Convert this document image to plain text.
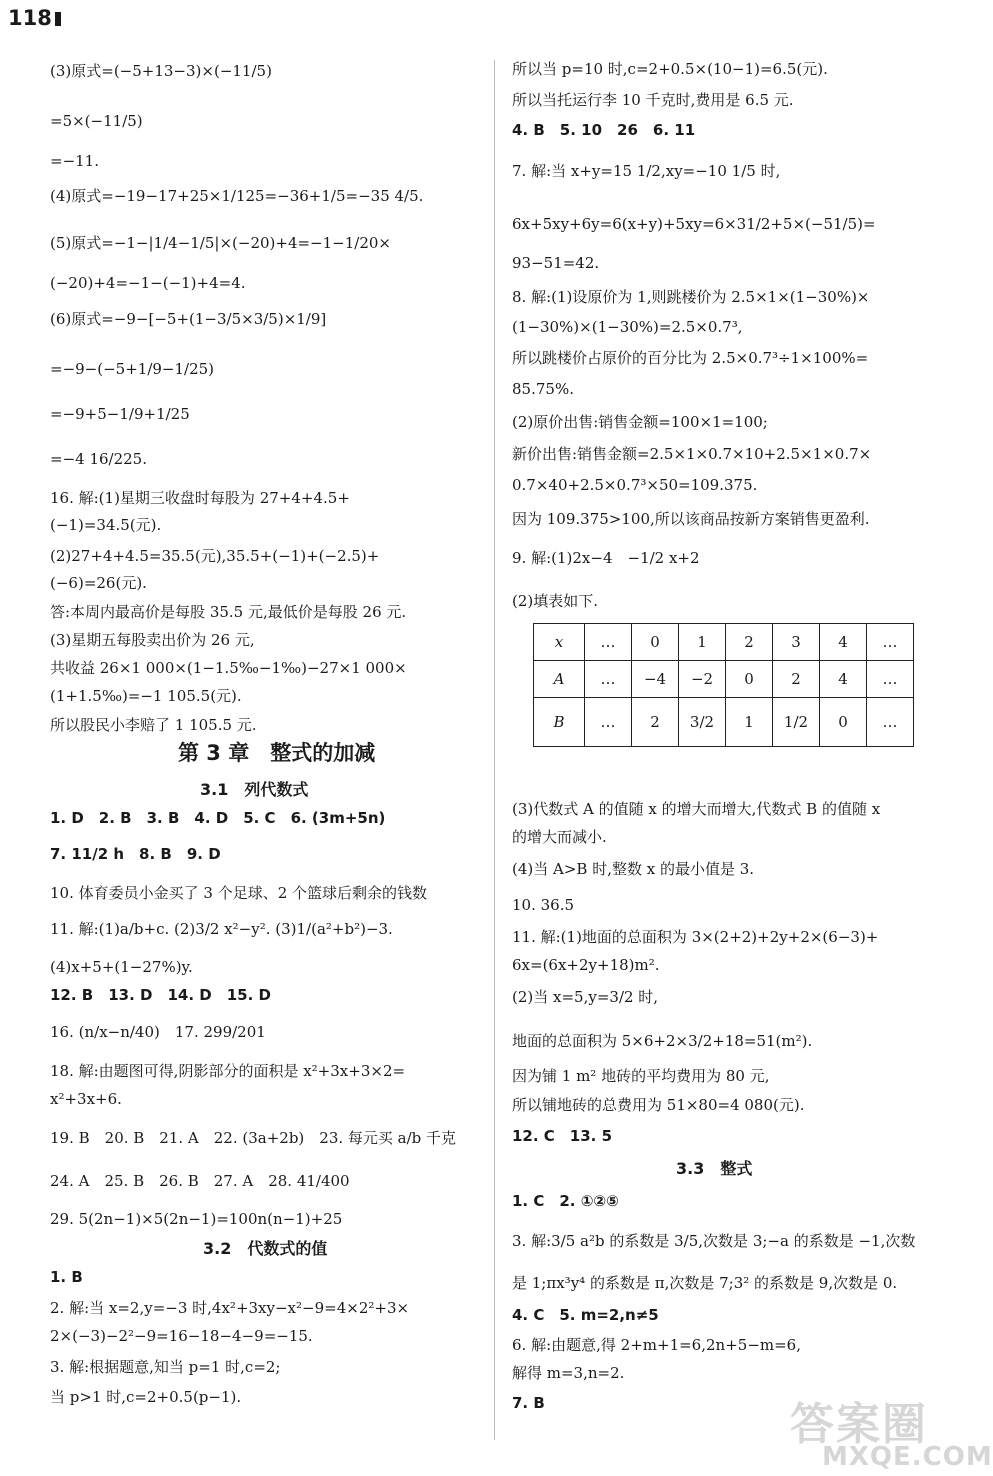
118
(3)原式=(−5+13−3)×(−11/5)
=5×(−11/5)
=−11.
(4)原式=−19−17+25×1/125=−36+1/5=−35 4/5.
(5)原式=−1−|1/4−1/5|×(−20)+4=−1−1/20×
(−20)+4=−1−(−1)+4=4.
(6)原式=−9−[−5+(1−3/5×3/5)×1/9]
=−9−(−5+1/9−1/25)
=−9+5−1/9+1/25
=−4 16/225.
16. 解:(1)星期三收盘时每股为 27+4+4.5+
(−1)=34.5(元).
(2)27+4+4.5=35.5(元),35.5+(−1)+(−2.5)+
(−6)=26(元).
答:本周内最高价是每股 35.5 元,最低价是每股 26 元.
(3)星期五每股卖出价为 26 元,
共收益 26×1 000×(1−1.5‰−1‰)−27×1 000×
(1+1.5‰)=−1 105.5(元).
所以股民小李赔了 1 105.5 元.
第 3 章　整式的加减
3.1　列代数式
1. D　2. B　3. B　4. D　5. C　6. (3m+5n)
7. 11/2 h　8. B　9. D
10. 体育委员小金买了 3 个足球、2 个篮球后剩余的钱数
11. 解:(1)a/b+c. (2)3/2 x²−y². (3)1/(a²+b²)−3.
(4)x+5+(1−27%)y.
12. B　13. D　14. D　15. D
16. (n/x−n/40)　17. 299/201
18. 解:由题图可得,阴影部分的面积是 x²+3x+3×2=
x²+3x+6.
19. B　20. B　21. A　22. (3a+2b)　23. 每元买 a/b 千克
24. A　25. B　26. B　27. A　28. 41/400
29. 5(2n−1)×5(2n−1)=100n(n−1)+25
3.2　代数式的值
1. B
2. 解:当 x=2,y=−3 时,4x²+3xy−x²−9=4×2²+3×
2×(−3)−2²−9=16−18−4−9=−15.
3. 解:根据题意,知当 p=1 时,c=2;
当 p>1 时,c=2+0.5(p−1).
所以当 p=10 时,c=2+0.5×(10−1)=6.5(元).
所以当托运行李 10 千克时,费用是 6.5 元.
4. B　5. 10　26　6. 11
7. 解:当 x+y=15 1/2,xy=−10 1/5 时,
6x+5xy+6y=6(x+y)+5xy=6×31/2+5×(−51/5)=
93−51=42.
8. 解:(1)设原价为 1,则跳楼价为 2.5×1×(1−30%)×
(1−30%)×(1−30%)=2.5×0.7³,
所以跳楼价占原价的百分比为 2.5×0.7³÷1×100%=
85.75%.
(2)原价出售:销售金额=100×1=100;
新价出售:销售金额=2.5×1×0.7×10+2.5×1×0.7×
0.7×40+2.5×0.7³×50=109.375.
因为 109.375>100,所以该商品按新方案销售更盈利.
9. 解:(1)2x−4　−1/2 x+2
(2)填表如下.
x	…	0	1	2	3	4	…
A	…	−4	−2	0	2	4	…
B	…	2	3/2	1	1/2	0	…
(3)代数式 A 的值随 x 的增大而增大,代数式 B 的值随 x
的增大而减小.
(4)当 A>B 时,整数 x 的最小值是 3.
10. 36.5
11. 解:(1)地面的总面积为 3×(2+2)+2y+2×(6−3)+
6x=(6x+2y+18)m².
(2)当 x=5,y=3/2 时,
地面的总面积为 5×6+2×3/2+18=51(m²).
因为铺 1 m² 地砖的平均费用为 80 元,
所以铺地砖的总费用为 51×80=4 080(元).
12. C　13. 5
3.3　整式
1. C　2. ①②⑤
3. 解:3/5 a²b 的系数是 3/5,次数是 3;−a 的系数是 −1,次数
是 1;πx³y⁴ 的系数是 π,次数是 7;3² 的系数是 9,次数是 0.
4. C　5. m=2,n≠5
6. 解:由题意,得 2+m+1=6,2n+5−m=6,
解得 m=3,n=2.
7. B	答案圈
MXQE.COM
